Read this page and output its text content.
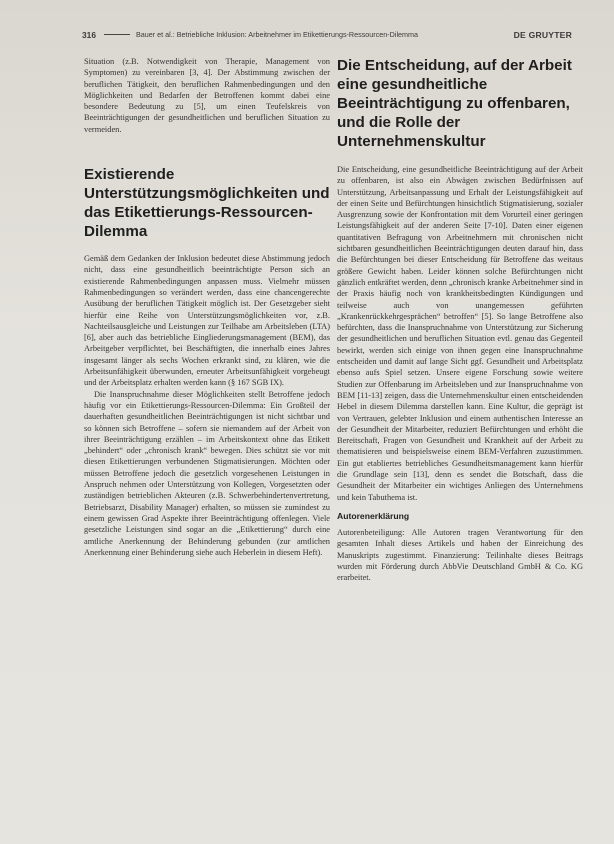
316	Bauer et al.: Betriebliche Inklusion: Arbeitnehmer im Etikettierungs-Ressourcen-Dilemma	DE GRUYTER

Situation (z.B. Notwendigkeit von Therapie, Management von Symptomen) zu vereinbaren [3, 4]. Der Abstimmung zwischen der beruflichen Tätigkeit, den beruflichen Rahmenbedingungen und den Möglichkeiten und Bedarfen der Betroffenen kommt dabei eine besondere Bedeutung zu [5], um einen Teufelskreis von Beeinträchtigungen der gesundheitlichen und beruflichen Situation zu vermeiden.

Existierende Unterstützungsmöglichkeiten und das Etikettierungs-Ressourcen-Dilemma

Gemäß dem Gedanken der Inklusion bedeutet diese Abstimmung jedoch nicht, dass eine gesundheitlich beeinträchtigte Person sich an existierende Rahmenbedingungen anpassen muss. Vielmehr müssen Rahmenbedingungen so verändert werden, dass eine chancengerechte Ausübung der beruflichen Tätigkeit möglich ist. Der Gesetzgeber sieht hierfür eine Reihe von Unterstützungsmöglichkeiten vor, z.B. Nachteilsausgleiche und Leistungen zur Teilhabe am Arbeitsleben (LTA) [6], aber auch das betriebliche Eingliederungsmanagement (BEM), das Arbeitgeber verpflichtet, bei Beschäftigten, die innerhalb eines Jahres insgesamt länger als sechs Wochen erkrankt sind, zu klären, wie die Arbeitsunfähigkeit überwunden, erneuter Arbeitsunfähigkeit vorgebeugt und der Arbeitsplatz erhalten werden kann (§ 167 SGB IX).

Die Inanspruchnahme dieser Möglichkeiten stellt Betroffene jedoch häufig vor ein Etikettierungs-Ressourcen-Dilemma: Ein Großteil der dauerhaften gesundheitlichen Beeinträchtigungen ist nicht sichtbar und so können sich Betroffene – sofern sie niemandem auf der Arbeit von ihrer Beeinträchtigung erzählen – im Arbeitskontext ohne das Etikett „behindert“ oder „chronisch krank“ bewegen. Dies schützt sie vor mit diesen Etikettierungen verbundenen Stigmatisierungen. Möchten oder müssen Betroffene jedoch die gesetzlich vorgesehenen Leistungen in Anspruch nehmen oder Unterstützung von Kollegen, Vorgesetzten oder zuständigen betrieblichen Akteuren (z.B. Schwerbehindertenvertretung, Betriebsarzt, Disability Manager) erhalten, so müssen sie zumindest zu einem gewissen Grad Aspekte ihrer Beeinträchtigung offenlegen. Viele gesetzliche Leistungen sind sogar an die „Etikettierung“ durch eine amtliche Anerkennung der Behinderung gebunden (zur amtlichen Anerkennung einer Behinderung siehe auch Heberlein in diesem Heft).

Die Entscheidung, auf der Arbeit eine gesundheitliche Beeinträchtigung zu offenbaren, und die Rolle der Unternehmenskultur

Die Entscheidung, eine gesundheitliche Beeinträchtigung auf der Arbeit zu offenbaren, ist also ein Abwägen zwischen Bedürfnissen auf Unterstützung, Arbeitsanpassung und Erhalt der Leistungsfähigkeit auf der einen Seite und Befürchtungen hinsichtlich Stigmatisierung, sozialer Ausgrenzung sowie der Konfrontation mit dem Vorurteil einer geringen Leistungsfähigkeit auf der anderen Seite [7-10]. Daten einer eigenen quantitativen Befragung von Arbeitnehmern mit chronischen nicht sichtbaren gesundheitlichen Beeinträchtigungen deuten darauf hin, dass die Befürchtungen bei dieser Entscheidung für Betroffene das weitaus größere Gewicht haben. Leider können solche Befürchtungen nicht gänzlich entkräftet werden, denn „chronisch kranke Arbeitnehmer sind in der Praxis häufig noch von krankheitsbedingten Kündigungen und teilweise auch von unangemessen geführten „Krankenrückkehrgesprächen“ betroffen“ [5]. So lange Betroffene also befürchten, dass die Inanspruchnahme von Unterstützung zur Sicherung der gesundheitlichen und beruflichen Situation evtl. genau das Gegenteil bewirkt, werden sich einige von ihnen gegen eine Inanspruchnahme entscheiden und damit auf lange Sicht ggf. Gesundheit und Arbeitsplatz ebenso aufs Spiel setzen. Unsere eigene Forschung sowie weitere Studien zur Offenbarung im Arbeitsleben und zur Inanspruchnahme von BEM [11-13] zeigen, dass die Unternehmenskultur einen entscheidenden Hebel in diesem Dilemma darstellen kann. Eine Kultur, die geprägt ist von Vertrauen, gelebter Inklusion und einem authentischen Interesse an der Gesundheit der Mitarbeiter, reduziert Befürchtungen und erhöht die Bereitschaft, Fragen von Gesundheit und Krankheit auf der Arbeit zu thematisieren und beispielsweise einem BEM-Verfahren zuzustimmen. Ein gut etabliertes betriebliches Gesundheitsmanagement kann hierfür die Grundlage sein [13], denn es sendet die Botschaft, dass die Gesundheit der Mitarbeiter ein wichtiges Anliegen des Unternehmens und kein Tabuthema ist.

Autorenerklärung

Autorenbeteiligung: Alle Autoren tragen Verantwortung für den gesamten Inhalt dieses Artikels und haben der Einreichung des Manuskripts zugestimmt. Finanzierung: Teilinhalte dieses Beitrags wurden mit Förderung durch AbbVie Deutschland GmbH & Co. KG erarbeitet.
